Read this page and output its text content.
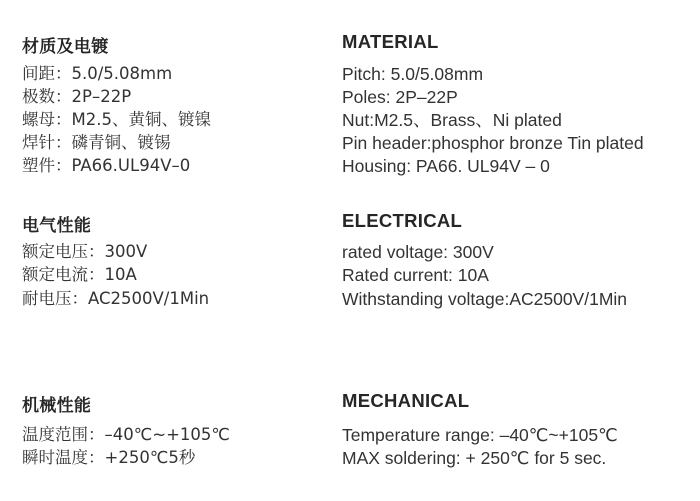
材质及电镀
间距：5.0/5.08mm
极数：2P–22P
螺母：M2.5、黄铜、镀镍
焊针：磷青铜、镀锡
塑件：PA66.UL94V–0
电气性能
额定电压：300V
额定电流：10A
耐电压：AC2500V/1Min
机械性能
温度范围：–40℃~+105℃
瞬时温度：+250℃5秒
MATERIAL
Pitch: 5.0/5.08mm
Poles: 2P–22P
Nut:M2.5、Brass、Ni plated
Pin header:phosphor bronze Tin plated
Housing: PA66. UL94V – 0
ELECTRICAL
rated voltage: 300V
Rated current: 10A
Withstanding voltage:AC2500V/1Min
MECHANICAL
Temperature range: –40℃~+105℃
MAX soldering: + 250℃ for 5 sec.
